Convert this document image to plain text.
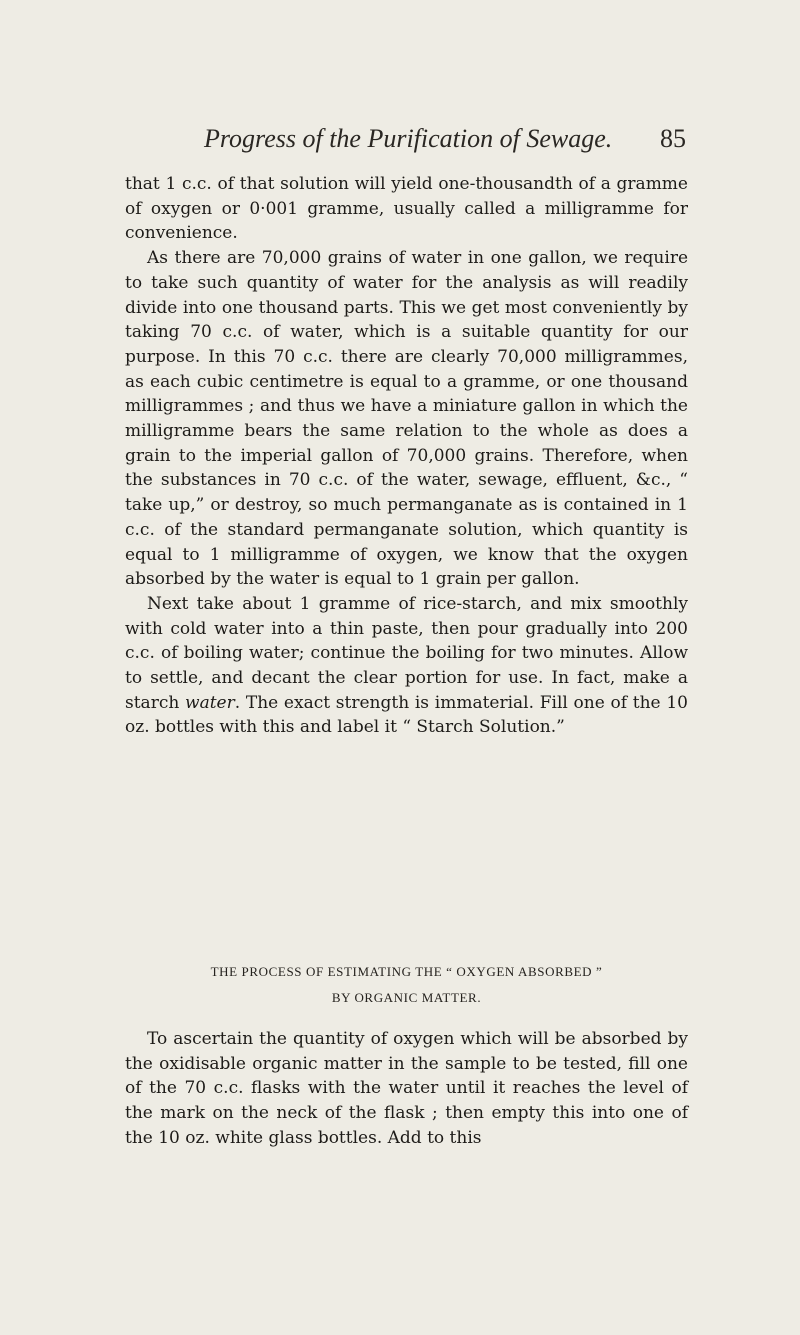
Progress of the Purification of Sewage. 85

that 1 c.c. of that solution will yield one-thousandth of a gramme of oxygen or 0·001 gramme, usually called a milligramme for convenience.

As there are 70,000 grains of water in one gallon, we require to take such quantity of water for the analysis as will readily divide into one thousand parts. This we get most conveniently by taking 70 c.c. of water, which is a suitable quantity for our purpose. In this 70 c.c. there are clearly 70,000 milligrammes, as each cubic centimetre is equal to a gramme, or one thousand milligrammes ; and thus we have a miniature gallon in which the milligramme bears the same relation to the whole as does a grain to the imperial gallon of 70,000 grains. Therefore, when the substances in 70 c.c. of the water, sewage, effluent, &c., “ take up,” or destroy, so much permanganate as is contained in 1 c.c. of the standard permanganate solution, which quantity is equal to 1 milligramme of oxygen, we know that the oxygen absorbed by the water is equal to 1 grain per gallon.

Next take about 1 gramme of rice-starch, and mix smoothly with cold water into a thin paste, then pour gradually into 200 c.c. of boiling water; continue the boiling for two minutes. Allow to settle, and decant the clear portion for use. In fact, make a starch water. The exact strength is immaterial. Fill one of the 10 oz. bottles with this and label it “ Starch Solution.”

THE PROCESS OF ESTIMATING THE “ OXYGEN ABSORBED ”
BY ORGANIC MATTER.

To ascertain the quantity of oxygen which will be absorbed by the oxidisable organic matter in the sample to be tested, fill one of the 70 c.c. flasks with the water until it reaches the level of the mark on the neck of the flask ; then empty this into one of the 10 oz. white glass bottles. Add to this
